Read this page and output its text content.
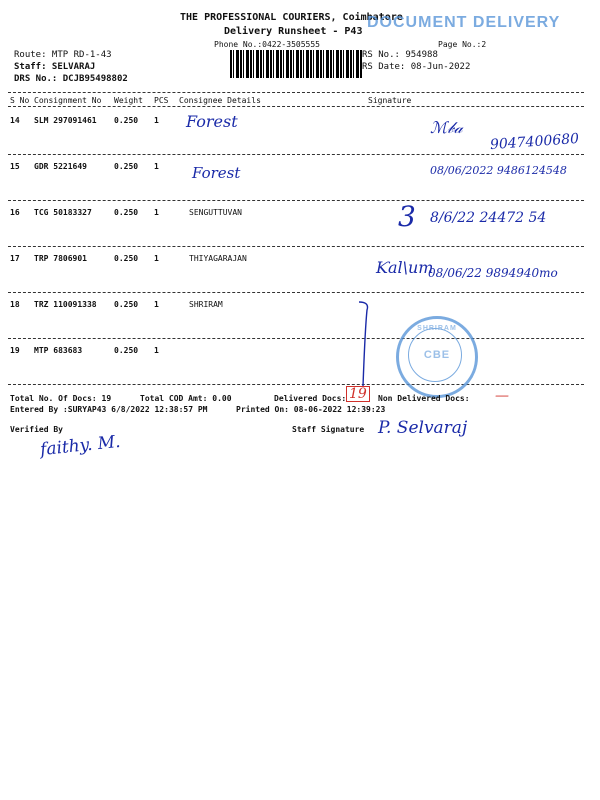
THE PROFESSIONAL COURIERS, Coimbatore
Delivery Runsheet - P43
DOCUMENT DELIVERY
Phone No.:0422-3505555	Page No.:2
Route: MTP RD-1-43
Staff: SELVARAJ
DRS No.: DCJB95498802
RS No.: 954988
RS Date: 08-Jun-2022
S No Consignment No Weight PCS Consignee Details	Signature
14 SLM 297091461 0.250 1 Forest
9047400680
ℳ𝒷𝒶
15 GDR 5221649	0.250 1 Forest	08/06/2022 9486124548
16 TCG 50183327	0.250 1	SENGUTTUVAN	3 8/6/22 24472 54
17 TRP 7806901	0.250 1	THIYAGARAJAN	Ƙal\um
08/06/22 9894940mo
18 TRZ 110091338 0.250 1	SHRIRAM
19 MTP 683683	0.250 1
SHRIRAM
CBE
Total No. Of Docs: 19	Total COD Amt: 0.00	Delivered Docs: 19	Non Delivered Docs: —
Entered By :SURYAP43 6/8/2022 12:38:57 PM	Printed On: 08-06-2022 12:39:23
Verified By
faithy. M.
Staff Signature P. Selvaraj
